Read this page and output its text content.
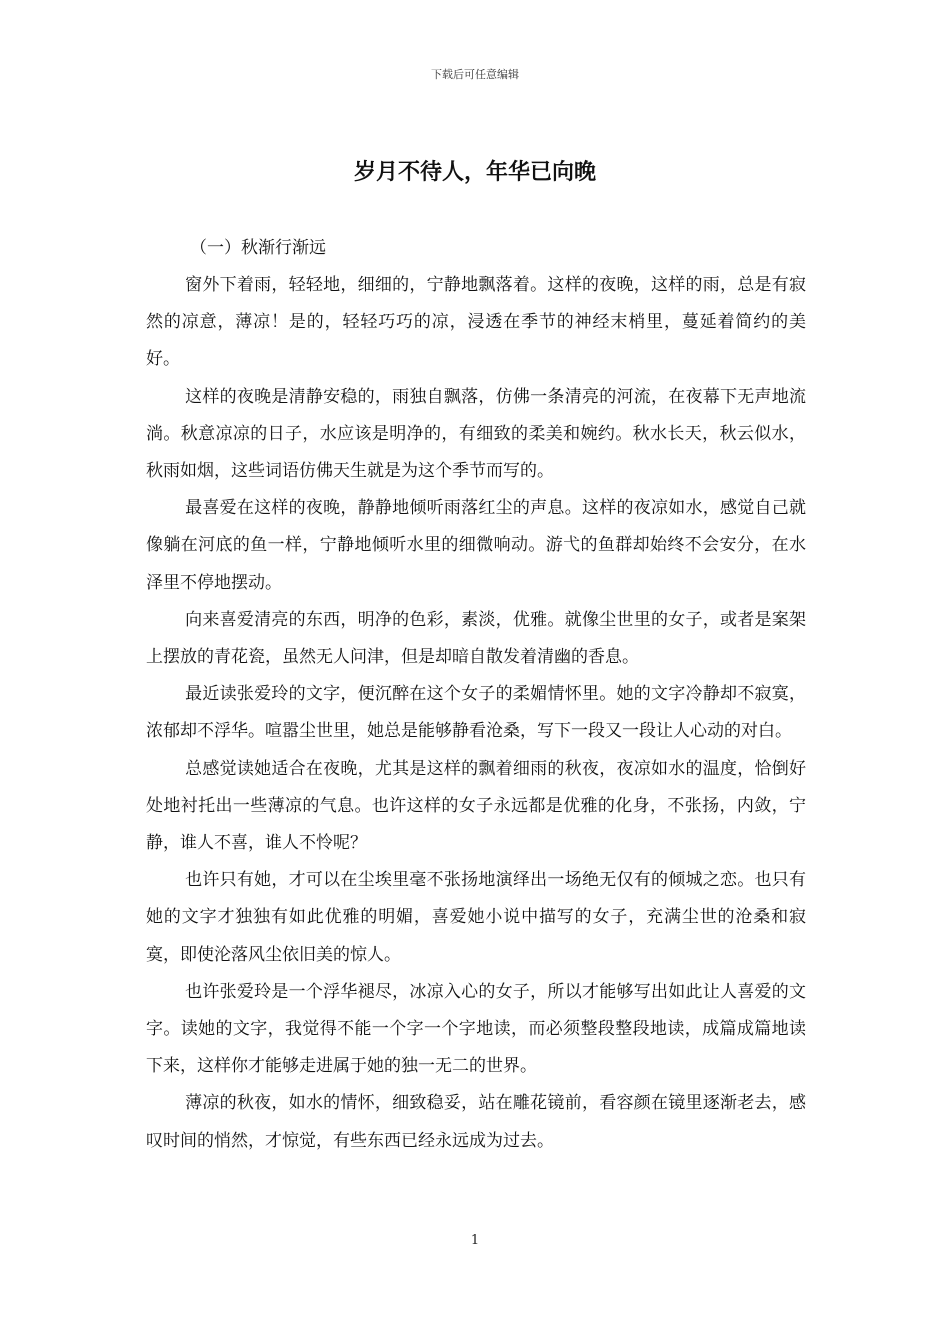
下载后可任意编辑
岁月不待人，年华已向晚
（一）秋渐行渐远

窗外下着雨，轻轻地，细细的，宁静地飘落着。这样的夜晚，这样的雨，总是有寂然的凉意，薄凉！是的，轻轻巧巧的凉，浸透在季节的神经末梢里，蔓延着简约的美好。

这样的夜晚是清静安稳的，雨独自飘落，仿佛一条清亮的河流，在夜幕下无声地流淌。秋意凉凉的日子，水应该是明净的，有细致的柔美和婉约。秋水长天，秋云似水，秋雨如烟，这些词语仿佛天生就是为这个季节而写的。

最喜爱在这样的夜晚，静静地倾听雨落红尘的声息。这样的夜凉如水，感觉自己就像躺在河底的鱼一样，宁静地倾听水里的细微响动。游弋的鱼群却始终不会安分，在水泽里不停地摆动。

向来喜爱清亮的东西，明净的色彩，素淡，优雅。就像尘世里的女子，或者是案架上摆放的青花瓷，虽然无人问津，但是却暗自散发着清幽的香息。

最近读张爱玲的文字，便沉醉在这个女子的柔媚情怀里。她的文字冷静却不寂寞，浓郁却不浮华。喧嚣尘世里，她总是能够静看沧桑，写下一段又一段让人心动的对白。

总感觉读她适合在夜晚，尤其是这样的飘着细雨的秋夜，夜凉如水的温度，恰倒好处地衬托出一些薄凉的气息。也许这样的女子永远都是优雅的化身，不张扬，内敛，宁静，谁人不喜，谁人不怜呢？

也许只有她，才可以在尘埃里毫不张扬地演绎出一场绝无仅有的倾城之恋。也只有她的文字才独独有如此优雅的明媚，喜爱她小说中描写的女子，充满尘世的沧桑和寂寞，即使沦落风尘依旧美的惊人。

也许张爱玲是一个浮华褪尽，冰凉入心的女子，所以才能够写出如此让人喜爱的文字。读她的文字，我觉得不能一个字一个字地读，而必须整段整段地读，成篇成篇地读下来，这样你才能够走进属于她的独一无二的世界。

薄凉的秋夜，如水的情怀，细致稳妥，站在雕花镜前，看容颜在镜里逐渐老去，感叹时间的悄然，才惊觉，有些东西已经永远成为过去。

1
